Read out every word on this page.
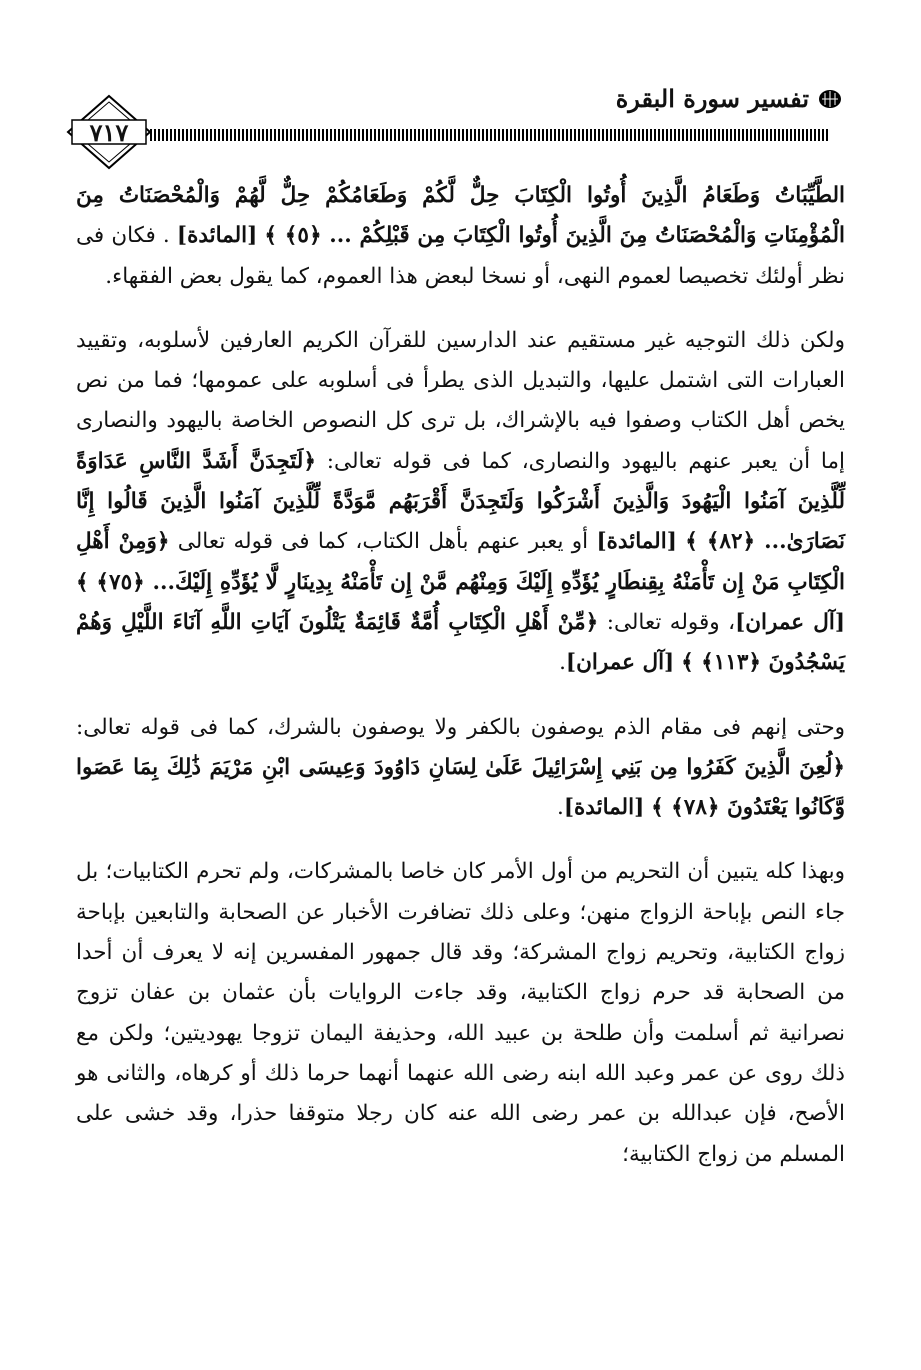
تفسير سورة البقرة
٧١٧

الطَّيِّبَاتُ وَطَعَامُ الَّذِينَ أُوتُوا الْكِتَابَ حِلٌّ لَّكُمْ وَطَعَامُكُمْ حِلٌّ لَّهُمْ وَالْمُحْصَنَاتُ مِنَ الْمُؤْمِنَاتِ وَالْمُحْصَنَاتُ مِنَ الَّذِينَ أُوتُوا الْكِتَابَ مِن قَبْلِكُمْ ... ﴿٥﴾ ﴾ [المائدة] . فكان فى نظر أولئك تخصيصا لعموم النهى، أو نسخا لبعض هذا العموم، كما يقول بعض الفقهاء.

ولكن ذلك التوجيه غير مستقيم عند الدارسين للقرآن الكريم العارفين لأسلوبه، وتقييد العبارات التى اشتمل عليها، والتبديل الذى يطرأ فى أسلوبه على عمومها؛ فما من نص يخص أهل الكتاب وصفوا فيه بالإشراك، بل ترى كل النصوص الخاصة باليهود والنصارى إما أن يعبر عنهم باليهود والنصارى، كما فى قوله تعالى: ﴿لَتَجِدَنَّ أَشَدَّ النَّاسِ عَدَاوَةً لِّلَّذِينَ آمَنُوا الْيَهُودَ وَالَّذِينَ أَشْرَكُوا وَلَتَجِدَنَّ أَقْرَبَهُم مَّوَدَّةً لِّلَّذِينَ آمَنُوا الَّذِينَ قَالُوا إِنَّا نَصَارَىٰ... ﴿٨٢﴾ ﴾ [المائدة] أو يعبر عنهم بأهل الكتاب، كما فى قوله تعالى ﴿وَمِنْ أَهْلِ الْكِتَابِ مَنْ إِن تَأْمَنْهُ بِقِنطَارٍ يُؤَدِّهِ إِلَيْكَ وَمِنْهُم مَّنْ إِن تَأْمَنْهُ بِدِينَارٍ لَّا يُؤَدِّهِ إِلَيْكَ... ﴿٧٥﴾ ﴾ [آل عمران]، وقوله تعالى: ﴿مِّنْ أَهْلِ الْكِتَابِ أُمَّةٌ قَائِمَةٌ يَتْلُونَ آيَاتِ اللَّهِ آنَاءَ اللَّيْلِ وَهُمْ يَسْجُدُونَ ﴿١١٣﴾ ﴾ [آل عمران].

وحتى إنهم فى مقام الذم يوصفون بالكفر ولا يوصفون بالشرك، كما فى قوله تعالى: ﴿لُعِنَ الَّذِينَ كَفَرُوا مِن بَنِي إِسْرَائِيلَ عَلَىٰ لِسَانِ دَاوُودَ وَعِيسَى ابْنِ مَرْيَمَ ذَٰلِكَ بِمَا عَصَوا وَّكَانُوا يَعْتَدُونَ ﴿٧٨﴾ ﴾ [المائدة].

وبهذا كله يتبين أن التحريم من أول الأمر كان خاصا بالمشركات، ولم تحرم الكتابيات؛ بل جاء النص بإباحة الزواج منهن؛ وعلى ذلك تضافرت الأخبار عن الصحابة والتابعين بإباحة زواج الكتابية، وتحريم زواج المشركة؛ وقد قال جمهور المفسرين إنه لا يعرف أن أحدا من الصحابة قد حرم زواج الكتابية، وقد جاءت الروايات بأن عثمان بن عفان تزوج نصرانية ثم أسلمت وأن طلحة بن عبيد الله، وحذيفة اليمان تزوجا يهوديتين؛ ولكن مع ذلك روى عن عمر وعبد الله ابنه رضى الله عنهما أنهما حرما ذلك أو كرهاه، والثانى هو الأصح، فإن عبدالله بن عمر رضى الله عنه كان رجلا متوقفا حذرا، وقد خشى على المسلم من زواج الكتابية؛
